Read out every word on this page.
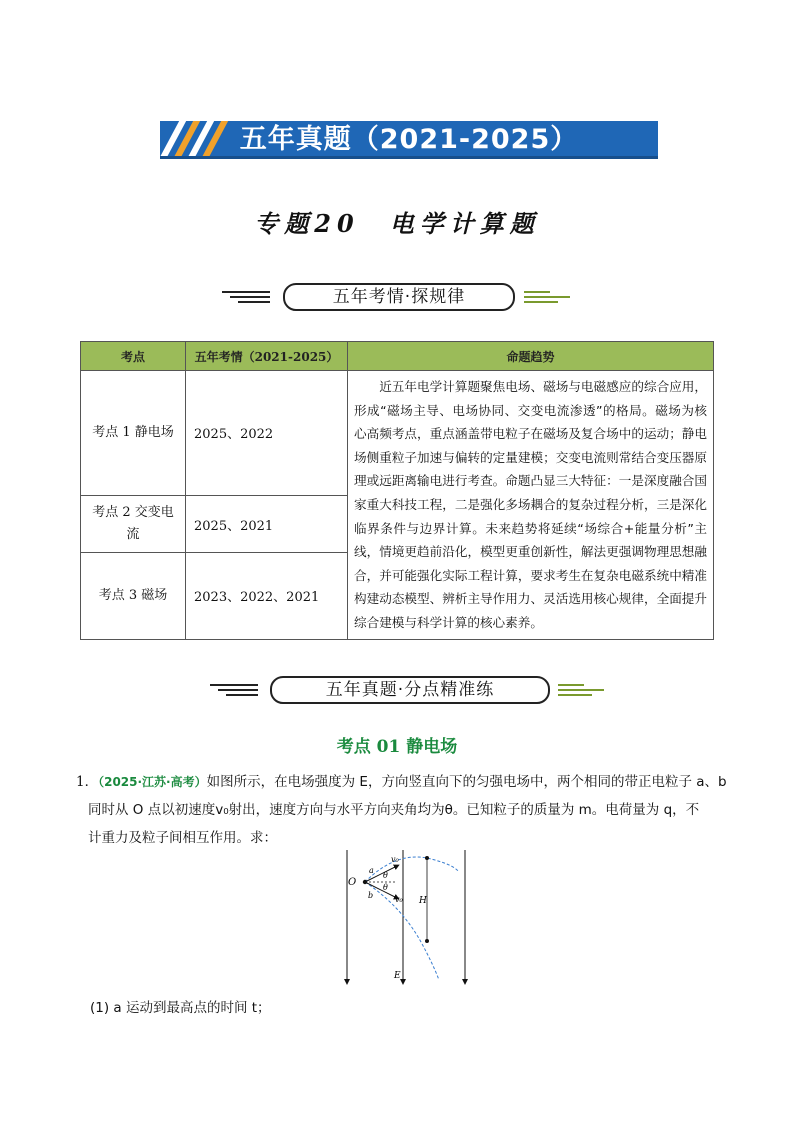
五年真题（2021-2025）
专题20　电学计算题
五年考情·探规律
考点	五年考情（2021-2025）	命题趋势
考点 1 静电场	2025、2022	近五年电学计算题聚焦电场、磁场与电磁感应的综合应用，形成“磁场主导、电场协同、交变电流渗透”的格局。磁场为核心高频考点，重点涵盖带电粒子在磁场及复合场中的运动；静电场侧重粒子加速与偏转的定量建模；交变电流则常结合变压器原理或远距离输电进行考查。命题凸显三大特征：一是深度融合国家重大科技工程，二是强化多场耦合的复杂过程分析，三是深化临界条件与边界计算。未来趋势将延续“场综合+能量分析”主线，情境更趋前沿化，模型更重创新性，解法更强调物理思想融合，并可能强化实际工程计算，要求考生在复杂电磁系统中精准构建动态模型、辨析主导作用力、灵活选用核心规律，全面提升综合建模与科学计算的核心素养。
考点 2 交变电流	2025、2021	
考点 3 磁场	2023、2022、2021	
五年真题·分点精准练
考点 01 静电场
1．（2025·江苏·高考）如图所示，在电场强度为 E，方向竖直向下的匀强电场中，两个相同的带正电粒子 a、b
同时从 O 点以初速度v₀射出，速度方向与水平方向夹角均为θ。已知粒子的质量为 m。电荷量为 q，不
计重力及粒子间相互作用。求：
O
a
b
v₀
v₀
θ
θ
H
E
(1) a 运动到最高点的时间 t；
